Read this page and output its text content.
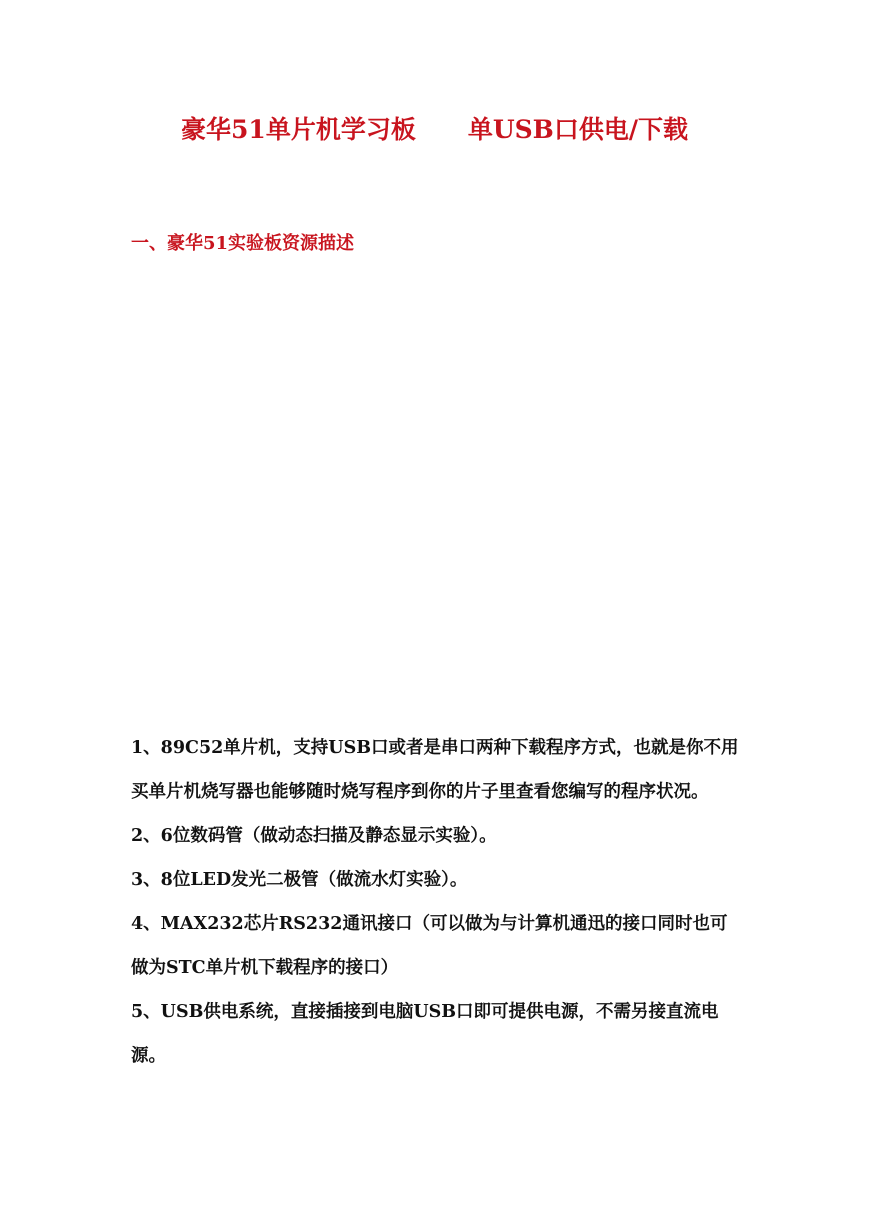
豪华51单片机学习板 单USB口供电/下载
一、豪华51实验板资源描述

1、89C52单片机，支持USB口或者是串口两种下载程序方式，也就是你不用买单片机烧写器也能够随时烧写程序到你的片子里查看您编写的程序状况。

2、6位数码管（做动态扫描及静态显示实验）。

3、8位LED发光二极管（做流水灯实验）。

4、MAX232芯片RS232通讯接口（可以做为与计算机通迅的接口同时也可做为STC单片机下载程序的接口）

5、USB供电系统，直接插接到电脑USB口即可提供电源，不需另接直流电源。
